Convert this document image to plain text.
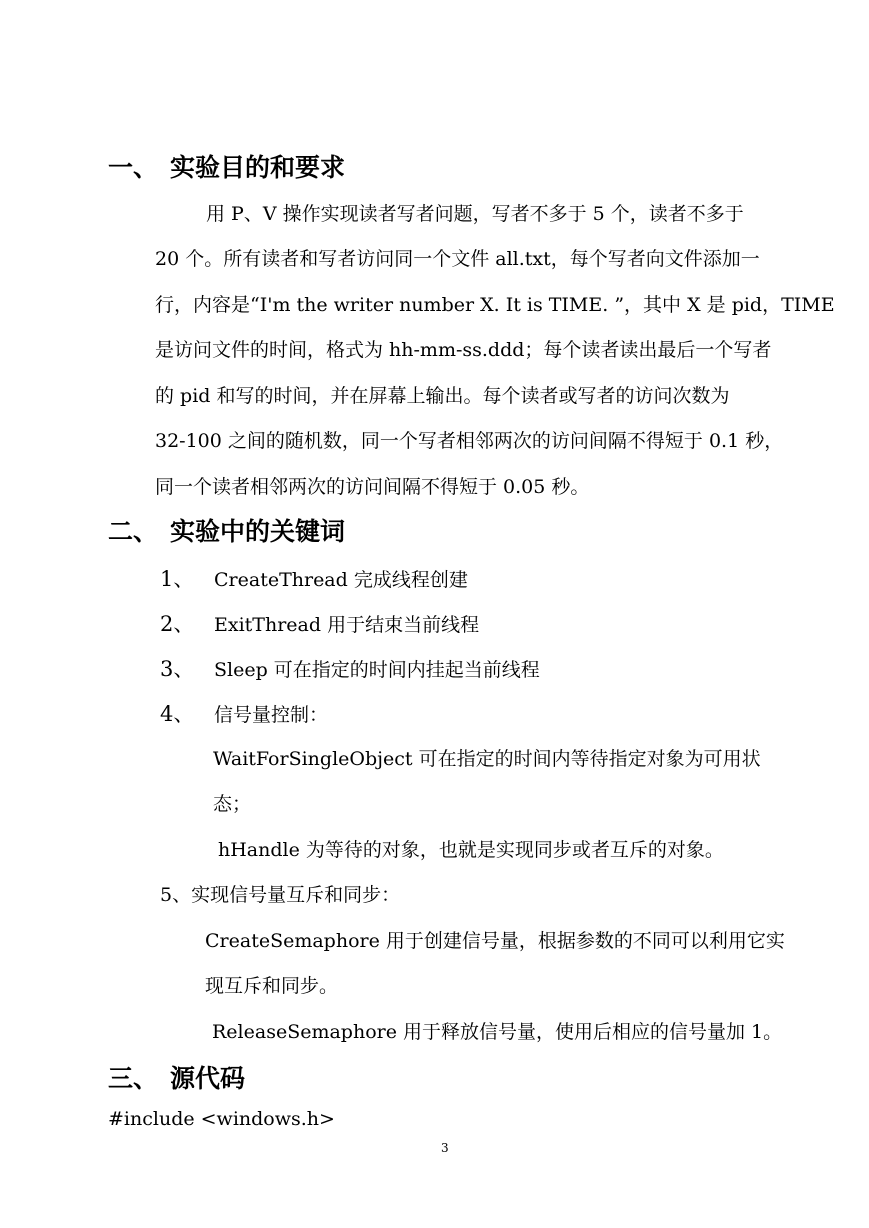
一、 实验目的和要求
用 P、V 操作实现读者写者问题，写者不多于 5 个，读者不多于
20 个。所有读者和写者访问同一个文件 all.txt，每个写者向文件添加一
行，内容是“I'm the writer number X. It is TIME. ”，其中 X 是 pid，TIME
是访问文件的时间，格式为 hh-mm-ss.ddd；每个读者读出最后一个写者
的 pid 和写的时间，并在屏幕上输出。每个读者或写者的访问次数为
32-100 之间的随机数，同一个写者相邻两次的访问间隔不得短于 0.1 秒，
同一个读者相邻两次的访问间隔不得短于 0.05 秒。
二、 实验中的关键词
1、 CreateThread 完成线程创建
2、 ExitThread 用于结束当前线程
3、 Sleep 可在指定的时间内挂起当前线程
4、 信号量控制：
WaitForSingleObject 可在指定的时间内等待指定对象为可用状
态；
hHandle 为等待的对象，也就是实现同步或者互斥的对象。
5、实现信号量互斥和同步：
CreateSemaphore 用于创建信号量，根据参数的不同可以利用它实
现互斥和同步。
ReleaseSemaphore 用于释放信号量，使用后相应的信号量加 1。
三、 源代码
#include <windows.h>
3
